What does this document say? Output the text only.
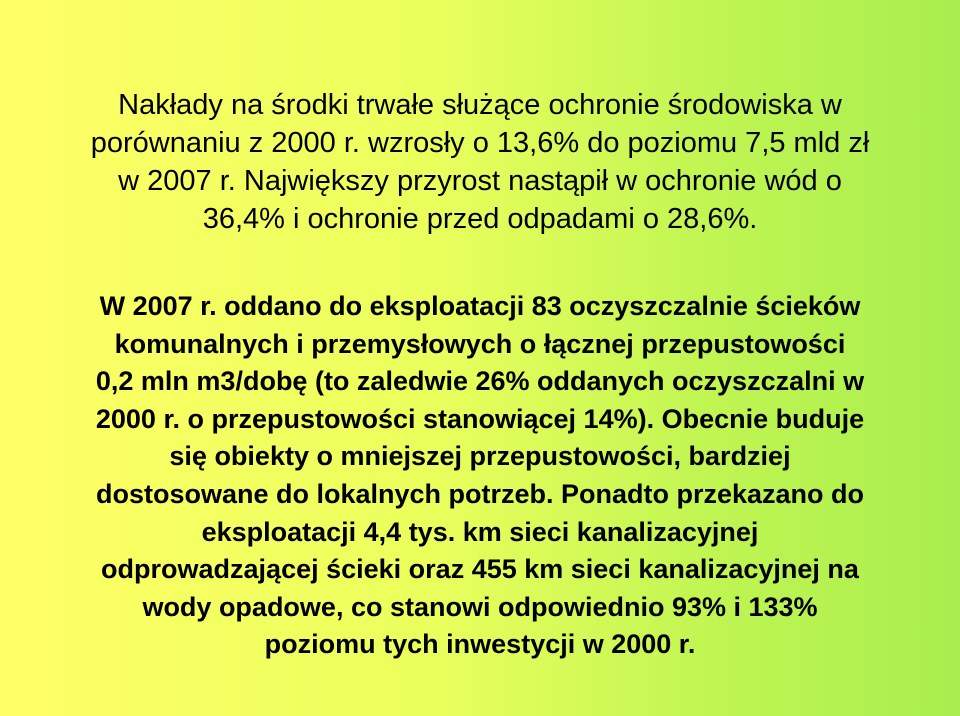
Nakłady na środki trwałe służące ochronie środowiska w
porównaniu z 2000 r. wzrosły o 13,6% do poziomu 7,5 mld zł
w 2007 r. Największy przyrost nastąpił w ochronie wód o
36,4% i ochronie przed odpadami o 28,6%.
W 2007 r. oddano do eksploatacji 83 oczyszczalnie ścieków
komunalnych i przemysłowych o łącznej przepustowości
0,2 mln m3/dobę (to zaledwie 26% oddanych oczyszczalni w
2000 r. o przepustowości stanowiącej 14%). Obecnie buduje
się obiekty o mniejszej przepustowości, bardziej
dostosowane do lokalnych potrzeb. Ponadto przekazano do
eksploatacji 4,4 tys. km sieci kanalizacyjnej
odprowadzającej ścieki oraz 455 km sieci kanalizacyjnej na
wody opadowe, co stanowi odpowiednio 93% i 133%
poziomu tych inwestycji w 2000 r.
